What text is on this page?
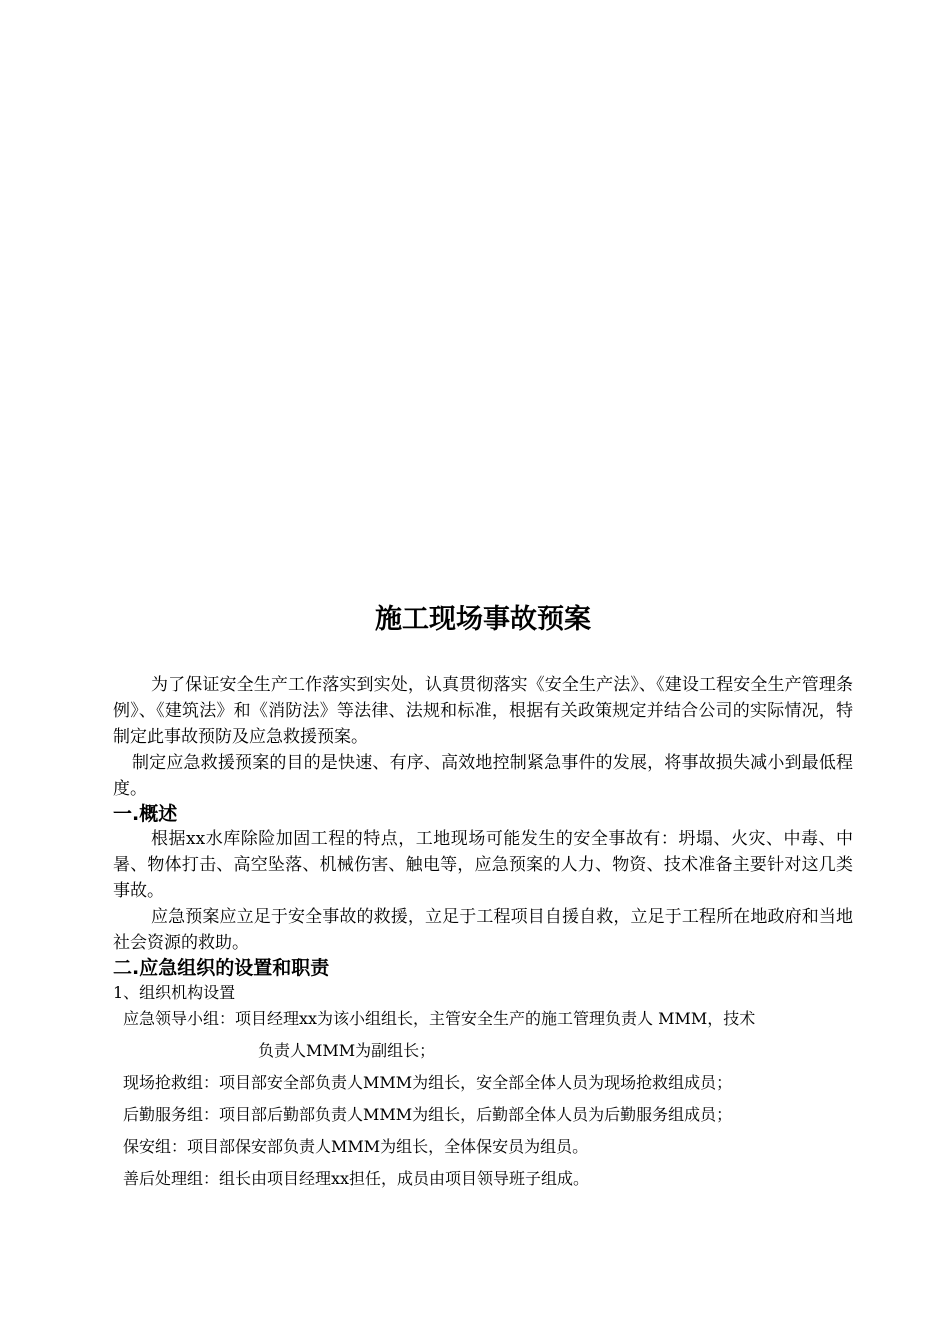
施工现场事故预案

为了保证安全生产工作落实到实处，认真贯彻落实《安全生产法》、《建设工程安全生产管理条例》、《建筑法》和《消防法》等法律、法规和标准，根据有关政策规定并结合公司的实际情况，特制定此事故预防及应急救援预案。

制定应急救援预案的目的是快速、有序、高效地控制紧急事件的发展，将事故损失减小到最低程度。

一.概述

根据xx水库除险加固工程的特点，工地现场可能发生的安全事故有：坍塌、火灾、中毒、中暑、物体打击、高空坠落、机械伤害、触电等，应急预案的人力、物资、技术准备主要针对这几类事故。

应急预案应立足于安全事故的救援，立足于工程项目自援自救，立足于工程所在地政府和当地社会资源的救助。

二.应急组织的设置和职责

1、组织机构设置

应急领导小组：项目经理xx为该小组组长，主管安全生产的施工管理负责人 MMM，技术

负责人MMM为副组长；

现场抢救组：项目部安全部负责人MMM为组长，安全部全体人员为现场抢救组成员；

后勤服务组：项目部后勤部负责人MMM为组长，后勤部全体人员为后勤服务组成员；

保安组：项目部保安部负责人MMM为组长，全体保安员为组员。

善后处理组：组长由项目经理xx担任，成员由项目领导班子组成。
